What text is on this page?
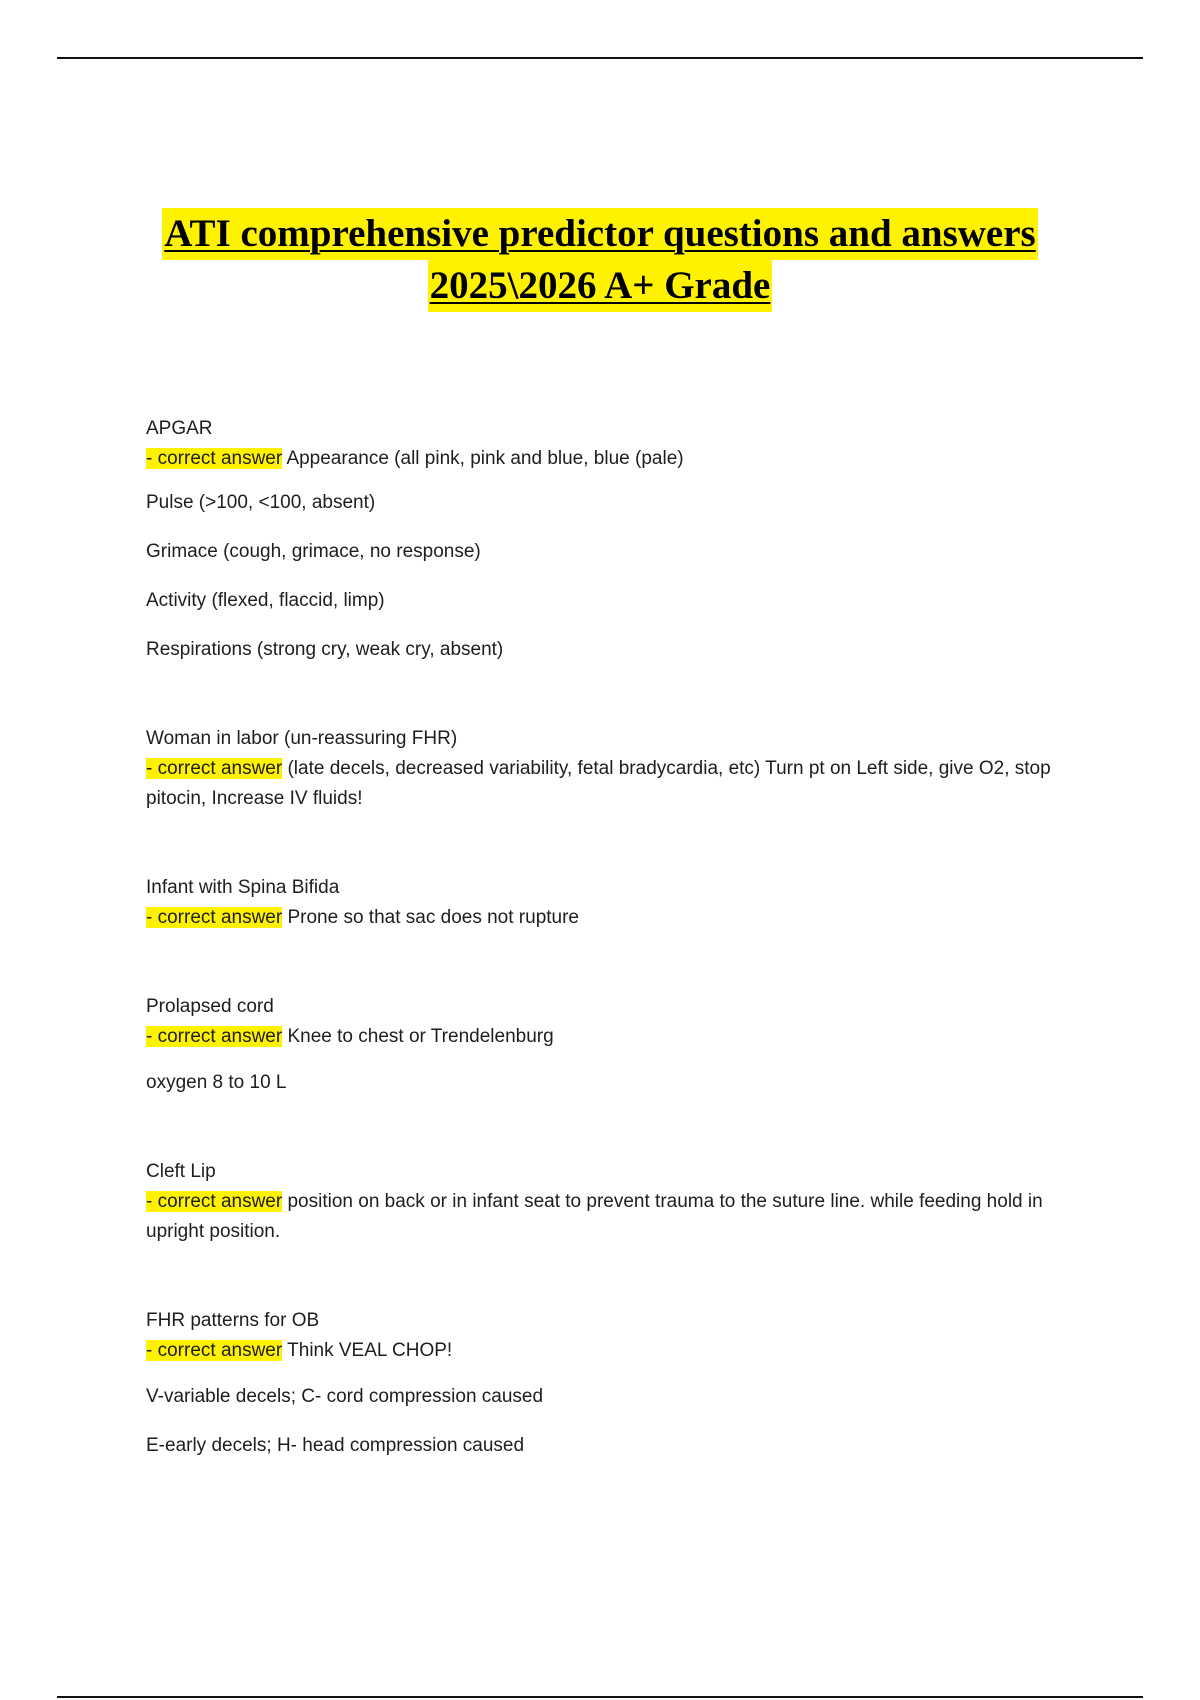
ATI comprehensive predictor questions and answers
2025\2026 A+ Grade

APGAR

- correct answer Appearance (all pink, pink and blue, blue (pale)

Pulse (>100, <100, absent)

Grimace (cough, grimace, no response)

Activity (flexed, flaccid, limp)

Respirations (strong cry, weak cry, absent)

Woman in labor (un-reassuring FHR)

- correct answer (late decels, decreased variability, fetal bradycardia, etc) Turn pt on Left side, give O2, stop pitocin, Increase IV fluids!

Infant with Spina Bifida

- correct answer Prone so that sac does not rupture

Prolapsed cord

- correct answer Knee to chest or Trendelenburg

oxygen 8 to 10 L

Cleft Lip

- correct answer position on back or in infant seat to prevent trauma to the suture line. while feeding hold in upright position.

FHR patterns for OB

- correct answer Think VEAL CHOP!

V-variable decels; C- cord compression caused

E-early decels; H- head compression caused
